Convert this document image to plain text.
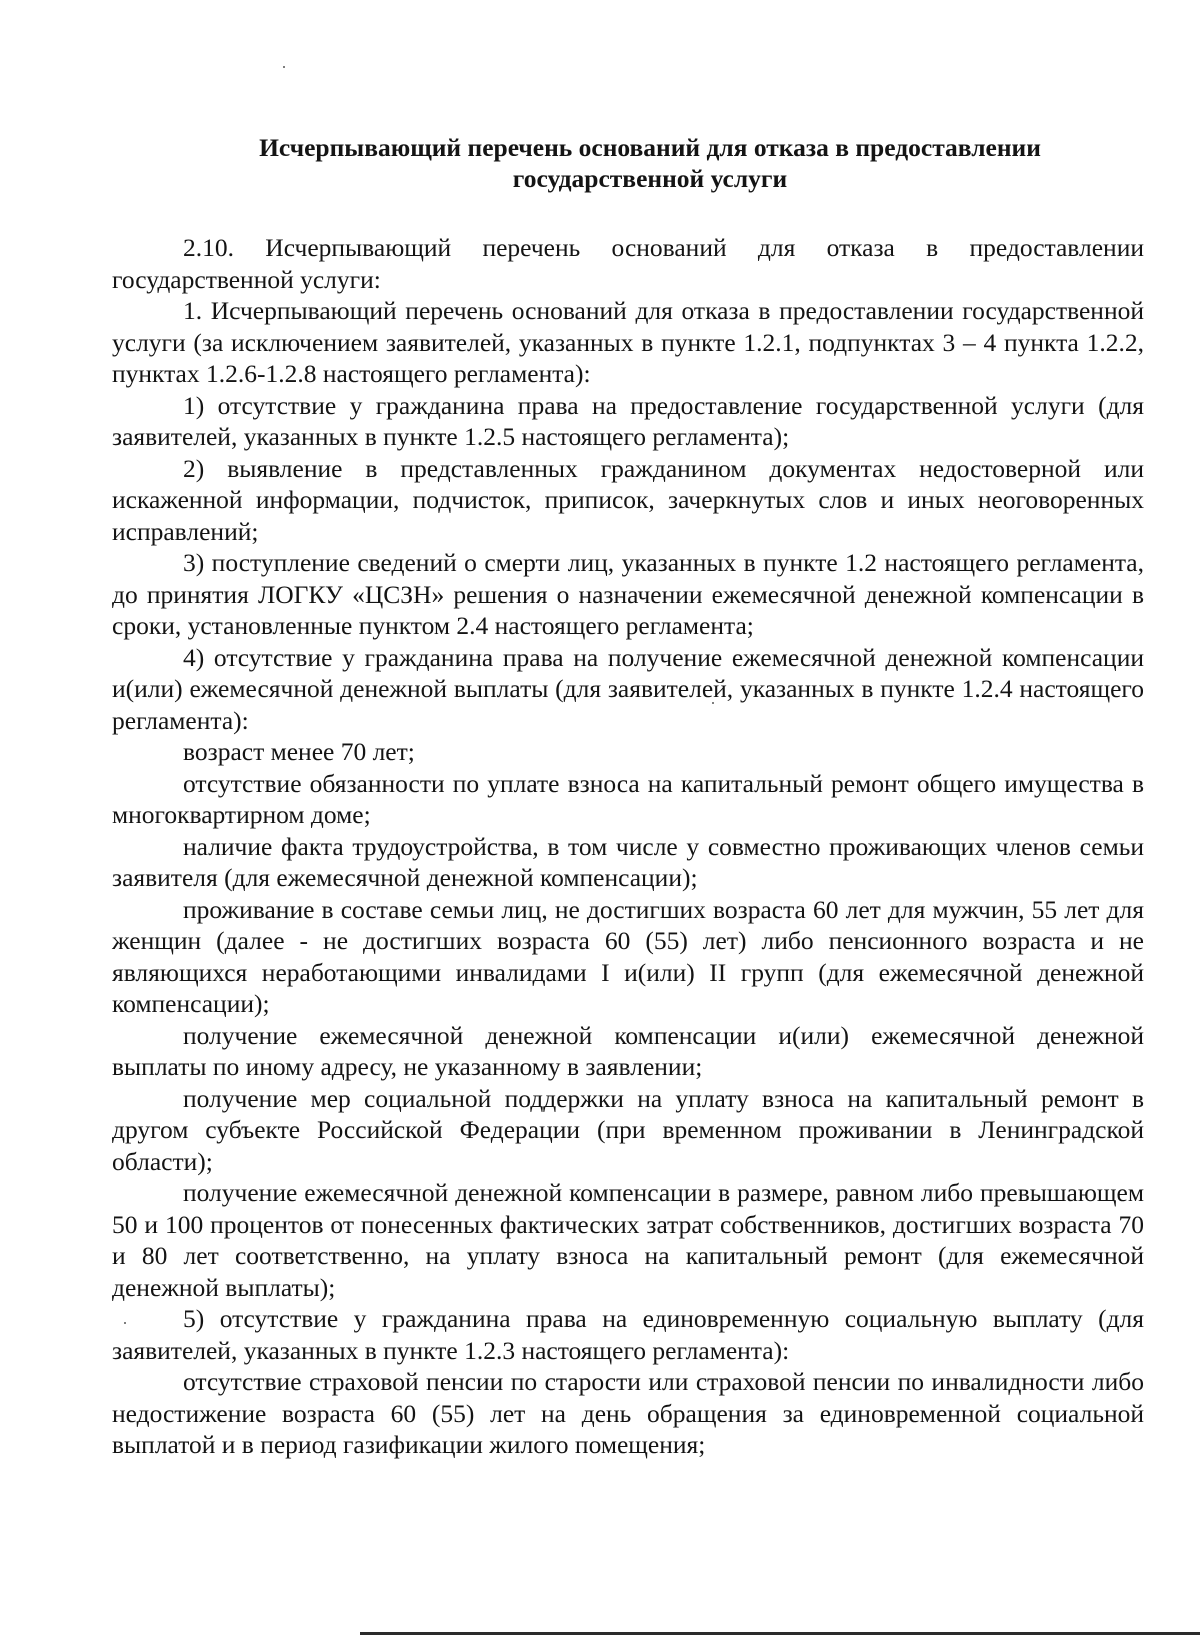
Исчерпывающий перечень оснований для отказа в предоставлении
государственной услуги

2.10. Исчерпывающий перечень оснований для отказа в предоставлении государственной услуги:

1. Исчерпывающий перечень оснований для отказа в предоставлении государственной услуги (за исключением заявителей, указанных в пункте 1.2.1, подпунктах 3 – 4 пункта 1.2.2, пунктах 1.2.6-1.2.8 настоящего регламента):

1) отсутствие у гражданина права на предоставление государственной услуги (для заявителей, указанных в пункте 1.2.5 настоящего регламента);

2) выявление в представленных гражданином документах недостоверной или искаженной информации, подчисток, приписок, зачеркнутых слов и иных неоговоренных исправлений;

3) поступление сведений о смерти лиц, указанных в пункте 1.2 настоящего регламента, до принятия ЛОГКУ «ЦСЗН» решения о назначении ежемесячной денежной компенсации в сроки, установленные пунктом 2.4 настоящего регламента;

4) отсутствие у гражданина права на получение ежемесячной денежной компенсации и(или) ежемесячной денежной выплаты (для заявителей, указанных в пункте 1.2.4 настоящего регламента):

возраст менее 70 лет;

отсутствие обязанности по уплате взноса на капитальный ремонт общего имущества в многоквартирном доме;

наличие факта трудоустройства, в том числе у совместно проживающих членов семьи заявителя (для ежемесячной денежной компенсации);

проживание в составе семьи лиц, не достигших возраста 60 лет для мужчин, 55 лет для женщин (далее - не достигших возраста 60 (55) лет) либо пенсионного возраста и не являющихся неработающими инвалидами I и(или) II групп (для ежемесячной денежной компенсации);

получение ежемесячной денежной компенсации и(или) ежемесячной денежной выплаты по иному адресу, не указанному в заявлении;

получение мер социальной поддержки на уплату взноса на капитальный ремонт в другом субъекте Российской Федерации (при временном проживании в Ленинградской области);

получение ежемесячной денежной компенсации в размере, равном либо превышающем 50 и 100 процентов от понесенных фактических затрат собственников, достигших возраста 70 и 80 лет соответственно, на уплату взноса на капитальный ремонт (для ежемесячной денежной выплаты);

5) отсутствие у гражданина права на единовременную социальную выплату (для заявителей, указанных в пункте 1.2.3 настоящего регламента):

отсутствие страховой пенсии по старости или страховой пенсии по инвалидности либо недостижение возраста 60 (55) лет на день обращения за единовременной социальной выплатой и в период газификации жилого помещения;
